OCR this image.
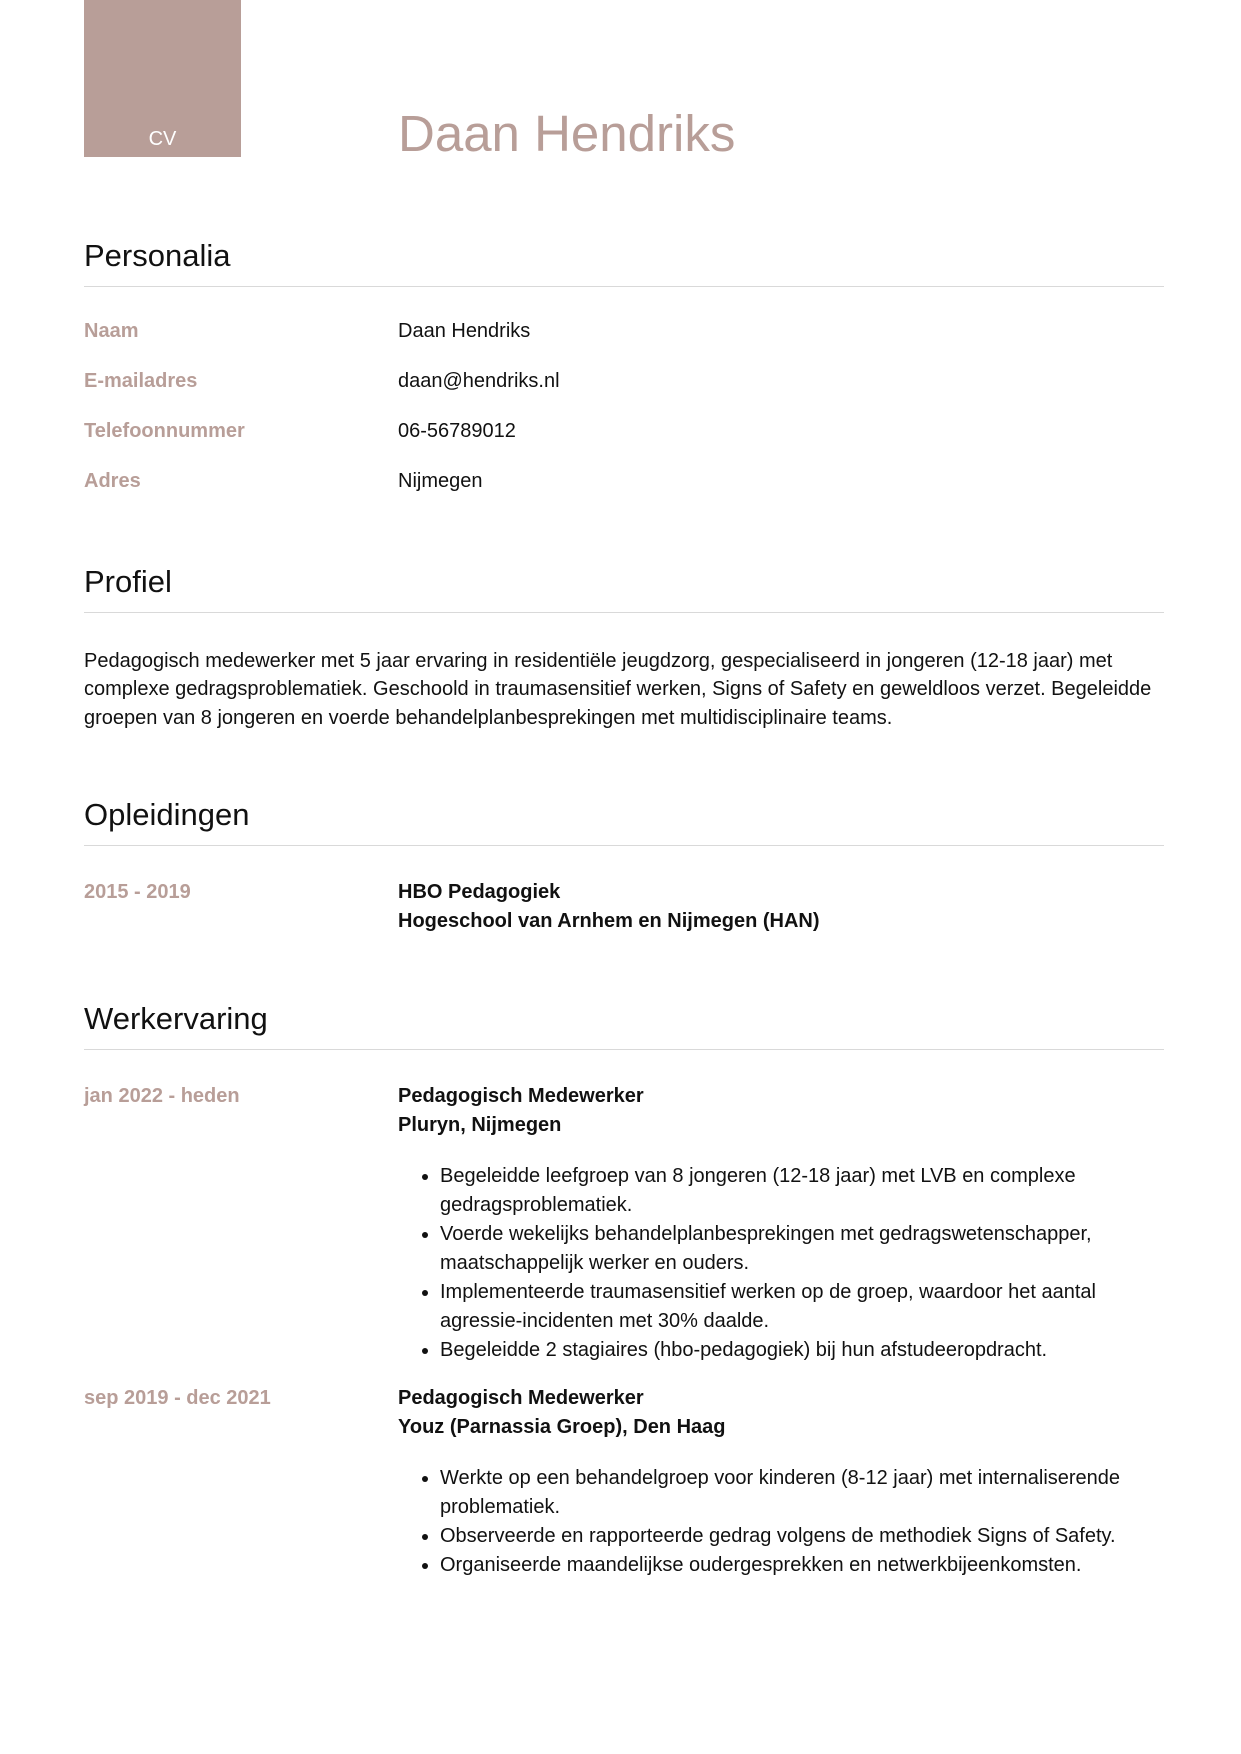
CV	Daan Hendriks
Personalia
Naam	Daan Hendriks
E-mailadres	daan@hendriks.nl
Telefoonnummer	06-56789012
Adres	Nijmegen
Profiel

Pedagogisch medewerker met 5 jaar ervaring in residentiële jeugdzorg, gespecialiseerd in jongeren (12-18 jaar) met complexe gedragsproblematiek. Geschoold in traumasensitief werken, Signs of Safety en geweldloos verzet. Begeleidde groepen van 8 jongeren en voerde behandelplanbesprekingen met multidisciplinaire teams.

Opleidingen
2015 - 2019	HBO Pedagogiek
Hogeschool van Arnhem en Nijmegen (HAN)
Werkervaring
jan 2022 - heden	Pedagogisch Medewerker
Pluryn, Nijmegen
• Begeleidde leefgroep van 8 jongeren (12-18 jaar) met LVB en complexe gedragsproblematiek.
• Voerde wekelijks behandelplanbesprekingen met gedragswetenschapper, maatschappelijk werker en ouders.
• Implementeerde traumasensitief werken op de groep, waardoor het aantal agressie-incidenten met 30% daalde.
• Begeleidde 2 stagiaires (hbo-pedagogiek) bij hun afstudeeropdracht.
sep 2019 - dec 2021	Pedagogisch Medewerker
Youz (Parnassia Groep), Den Haag
• Werkte op een behandelgroep voor kinderen (8-12 jaar) met internaliserende problematiek.
• Observeerde en rapporteerde gedrag volgens de methodiek Signs of Safety.
• Organiseerde maandelijkse oudergesprekken en netwerkbijeenkomsten.
